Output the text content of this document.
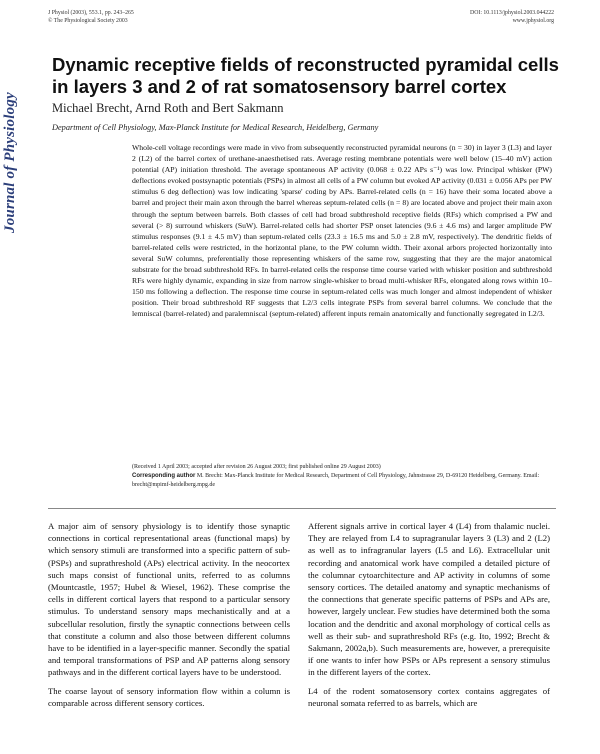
Journal of Physiology
J Physiol (2003), 553.1, pp. 243–265
© The Physiological Society 2003
DOI: 10.1113/jphysiol.2003.044222
www.jphysiol.org
Dynamic receptive fields of reconstructed pyramidal cells in layers 3 and 2 of rat somatosensory barrel cortex
Michael Brecht, Arnd Roth and Bert Sakmann
Department of Cell Physiology, Max-Planck Institute for Medical Research, Heidelberg, Germany

Whole-cell voltage recordings were made in vivo from subsequently reconstructed pyramidal neurons (n = 30) in layer 3 (L3) and layer 2 (L2) of the barrel cortex of urethane-anaesthetised rats. Average resting membrane potentials were well below (15–40 mV) action potential (AP) initiation threshold. The average spontaneous AP activity (0.068 ± 0.22 APs s⁻¹) was low. Principal whisker (PW) deflections evoked postsynaptic potentials (PSPs) in almost all cells of a PW column but evoked AP activity (0.031 ± 0.056 APs per PW stimulus 6 deg deflection) was low indicating 'sparse' coding by APs. Barrel-related cells (n = 16) have their soma located above a barrel and project their main axon through the barrel whereas septum-related cells (n = 8) are located above and project their main axon through the septum between barrels. Both classes of cell had broad subthreshold receptive fields (RFs) which comprised a PW and several (> 8) surround whiskers (SuW). Barrel-related cells had shorter PSP onset latencies (9.6 ± 4.6 ms) and larger amplitude PW stimulus responses (9.1 ± 4.5 mV) than septum-related cells (23.3 ± 16.5 ms and 5.0 ± 2.8 mV, respectively). The dendritic fields of barrel-related cells were restricted, in the horizontal plane, to the PW column width. Their axonal arbors projected horizontally into several SuW columns, preferentially those representing whiskers of the same row, suggesting that they are the major anatomical substrate for the broad subthreshold RFs. In barrel-related cells the response time course varied with whisker position and subthreshold RFs were highly dynamic, expanding in size from narrow single-whisker to broad multi-whisker RFs, elongated along rows within 10–150 ms following a deflection. The response time course in septum-related cells was much longer and almost independent of whisker position. Their broad subthreshold RF suggests that L2/3 cells integrate PSPs from several barrel columns. We conclude that the lemniscal (barrel-related) and paralemniscal (septum-related) afferent inputs remain anatomically and functionally segregated in L2/3.

(Received 1 April 2003; accepted after revision 26 August 2003; first published online 29 August 2003)
Corresponding author M. Brecht: Max-Planck Institute for Medical Research, Department of Cell Physiology, Jahnstrasse 29, D-69120 Heidelberg, Germany. Email: brecht@mpimf-heidelberg.mpg.de

A major aim of sensory physiology is to identify those synaptic connections in cortical representational areas (functional maps) by which sensory stimuli are transformed into a specific pattern of sub- (PSPs) and suprathreshold (APs) electrical activity. In the neocortex such maps consist of functional units, referred to as columns (Mountcastle, 1957; Hubel & Wiesel, 1962). These comprise the cells in different cortical layers that respond to a particular sensory stimulus. To understand sensory maps mechanistically and at a subcellular resolution, firstly the synaptic connections between cells that constitute a column and also those between different columns have to be identified in a layer-specific manner. Secondly the spatial and temporal transformations of PSP and AP patterns along sensory pathways and in the different cortical layers have to be understood.

The coarse layout of sensory information flow within a column is comparable across different sensory cortices.

Afferent signals arrive in cortical layer 4 (L4) from thalamic nuclei. They are relayed from L4 to supragranular layers 3 (L3) and 2 (L2) as well as to infragranular layers (L5 and L6). Extracellular unit recording and anatomical work have compiled a detailed picture of the columnar cytoarchitecture and AP activity in columns of some sensory cortices. The detailed anatomy and synaptic mechanisms of the connections that generate specific patterns of PSPs and APs are, however, largely unclear. Few studies have determined both the soma location and the dendritic and axonal morphology of cortical cells as well as their sub- and suprathreshold RFs (e.g. Ito, 1992; Brecht & Sakmann, 2002a,b). Such measurements are, however, a prerequisite if one wants to infer how PSPs or APs represent a sensory stimulus in the different layers of the cortex.

L4 of the rodent somatosensory cortex contains aggregates of neuronal somata referred to as barrels, which are
